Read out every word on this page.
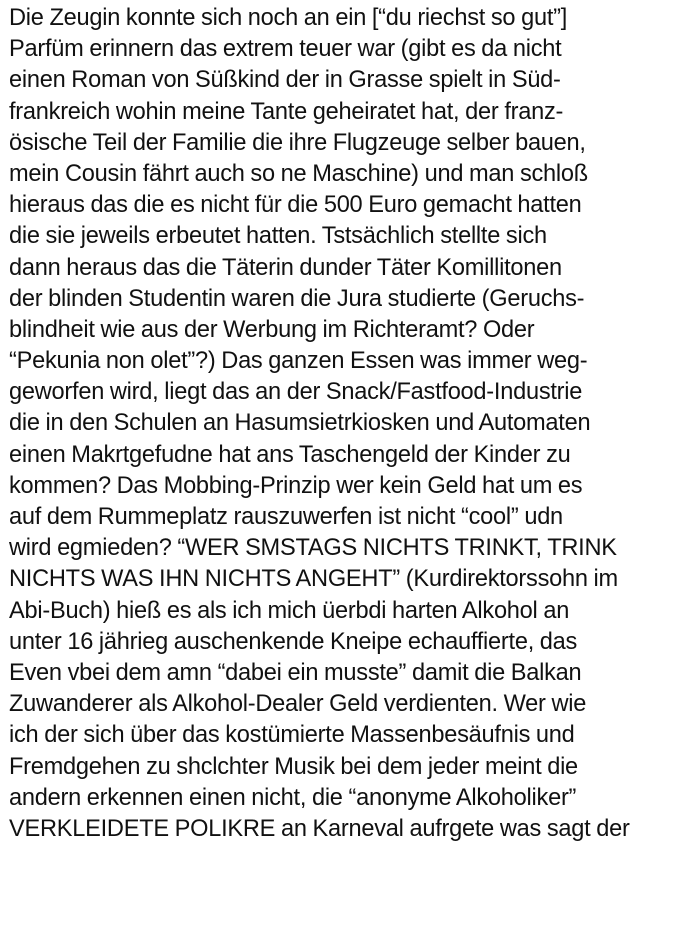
Die Zeugin konnte sich noch an ein [“du riechst so gut”]
Parfüm erinnern das extrem teuer war (gibt es da nicht
einen Roman von Süßkind der in Grasse spielt in Süd-
frankreich wohin meine Tante geheiratet hat, der franz-
ösische Teil der Familie die ihre Flugzeuge selber bauen,
mein Cousin fährt auch so ne Maschine) und man schloß
hieraus das die es nicht für die 500 Euro gemacht hatten
die sie jeweils erbeutet hatten. Tstsächlich stellte sich
dann heraus das die Täterin dunder Täter Komillitonen
der blinden Studentin waren die Jura studierte (Geruchs-
blindheit wie aus der Werbung im Richteramt? Oder
“Pekunia non olet”?) Das ganzen Essen was immer weg-
geworfen wird, liegt das an der Snack/Fastfood-Industrie
die in den Schulen an Hasumsietrkiosken und Automaten
einen Makrtgefudne hat ans Taschengeld der Kinder zu
kommen? Das Mobbing-Prinzip wer kein Geld hat um es
auf dem Rummeplatz rauszuwerfen ist nicht “cool” udn
wird egmieden? “WER SMSTAGS NICHTS TRINKT, TRINK
NICHTS WAS IHN NICHTS ANGEHT” (Kurdirektorssohn im
Abi-Buch) hieß es als ich mich üerbdi harten Alkohol an
unter 16 jährieg auschenkende Kneipe echauffierte, das
Even vbei dem amn “dabei ein musste” damit die Balkan
Zuwanderer als Alkohol-Dealer Geld verdienten. Wer wie
ich der sich über das kostümierte Massenbesäufnis und
Fremdgehen zu shclchter Musik bei dem jeder meint die
andern erkennen einen nicht, die “anonyme Alkoholiker”
VERKLEIDETE POLIKRE an Karneval aufrgete was sagt der
